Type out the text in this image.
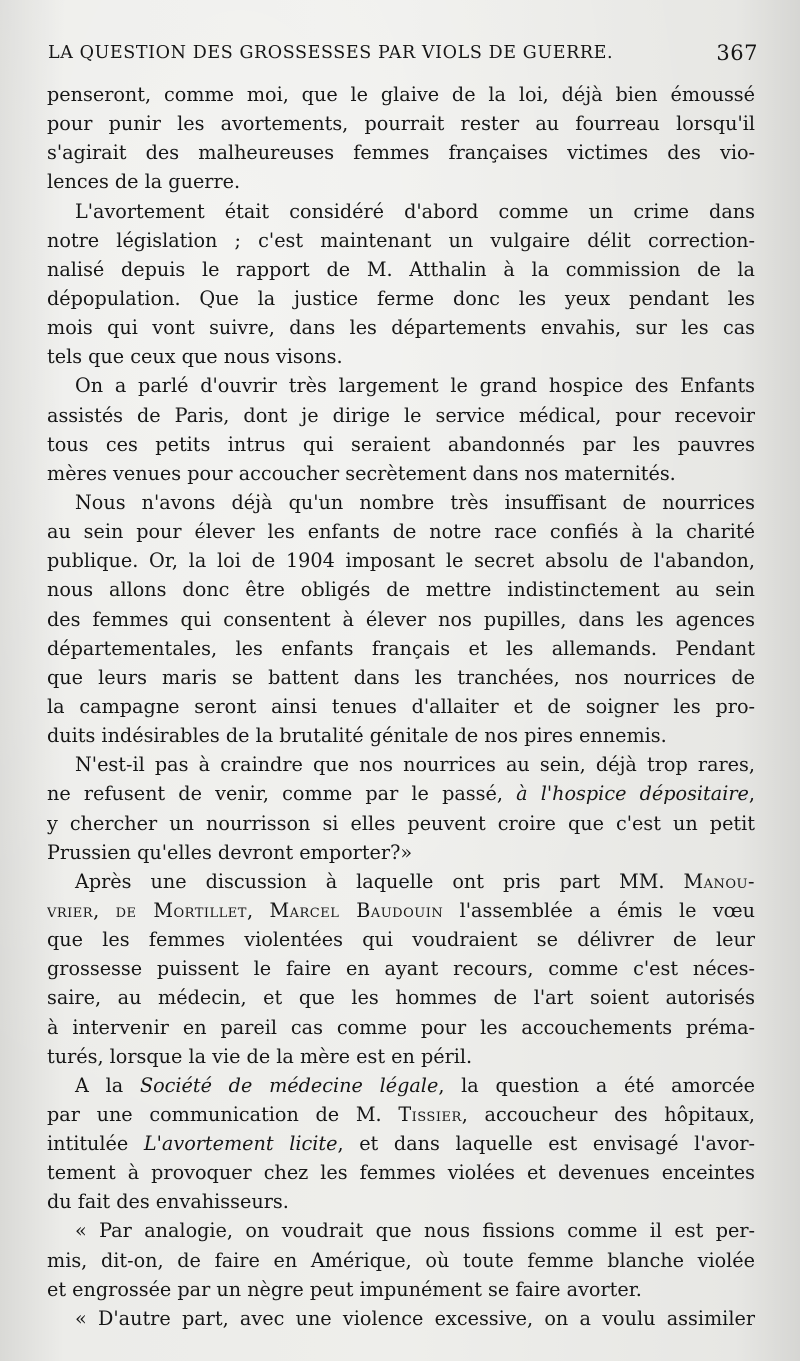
LA QUESTION DES GROSSESSES PAR VIOLS DE GUERRE.	367
penseront, comme moi, que le glaive de la loi, déjà bien émoussé
pour punir les avortements, pourrait rester au fourreau lorsqu'il
s'agirait des malheureuses femmes françaises victimes des vio-
lences de la guerre.
L'avortement était considéré d'abord comme un crime dans
notre législation ; c'est maintenant un vulgaire délit correction-
nalisé depuis le rapport de M. Atthalin à la commission de la
dépopulation. Que la justice ferme donc les yeux pendant les
mois qui vont suivre, dans les départements envahis, sur les cas
tels que ceux que nous visons.
On a parlé d'ouvrir très largement le grand hospice des Enfants
assistés de Paris, dont je dirige le service médical, pour recevoir
tous ces petits intrus qui seraient abandonnés par les pauvres
mères venues pour accoucher secrètement dans nos maternités.
Nous n'avons déjà qu'un nombre très insuffisant de nourrices
au sein pour élever les enfants de notre race confiés à la charité
publique. Or, la loi de 1904 imposant le secret absolu de l'abandon,
nous allons donc être obligés de mettre indistinctement au sein
des femmes qui consentent à élever nos pupilles, dans les agences
départementales, les enfants français et les allemands. Pendant
que leurs maris se battent dans les tranchées, nos nourrices de
la campagne seront ainsi tenues d'allaiter et de soigner les pro-
duits indésirables de la brutalité génitale de nos pires ennemis.
N'est-il pas à craindre que nos nourrices au sein, déjà trop rares,
ne refusent de venir, comme par le passé, à l'hospice dépositaire,
y chercher un nourrisson si elles peuvent croire que c'est un petit
Prussien qu'elles devront emporter?»
Après une discussion à laquelle ont pris part MM. Manou-
vrier, de Mortillet, Marcel Baudouin l'assemblée a émis le vœu
que les femmes violentées qui voudraient se délivrer de leur
grossesse puissent le faire en ayant recours, comme c'est néces-
saire, au médecin, et que les hommes de l'art soient autorisés
à intervenir en pareil cas comme pour les accouchements préma-
turés, lorsque la vie de la mère est en péril.
A la Société de médecine légale, la question a été amorcée
par une communication de M. Tissier, accoucheur des hôpitaux,
intitulée L'avortement licite, et dans laquelle est envisagé l'avor-
tement à provoquer chez les femmes violées et devenues enceintes
du fait des envahisseurs.
« Par analogie, on voudrait que nous fissions comme il est per-
mis, dit-on, de faire en Amérique, où toute femme blanche violée
et engrossée par un nègre peut impunément se faire avorter.
« D'autre part, avec une violence excessive, on a voulu assimiler
